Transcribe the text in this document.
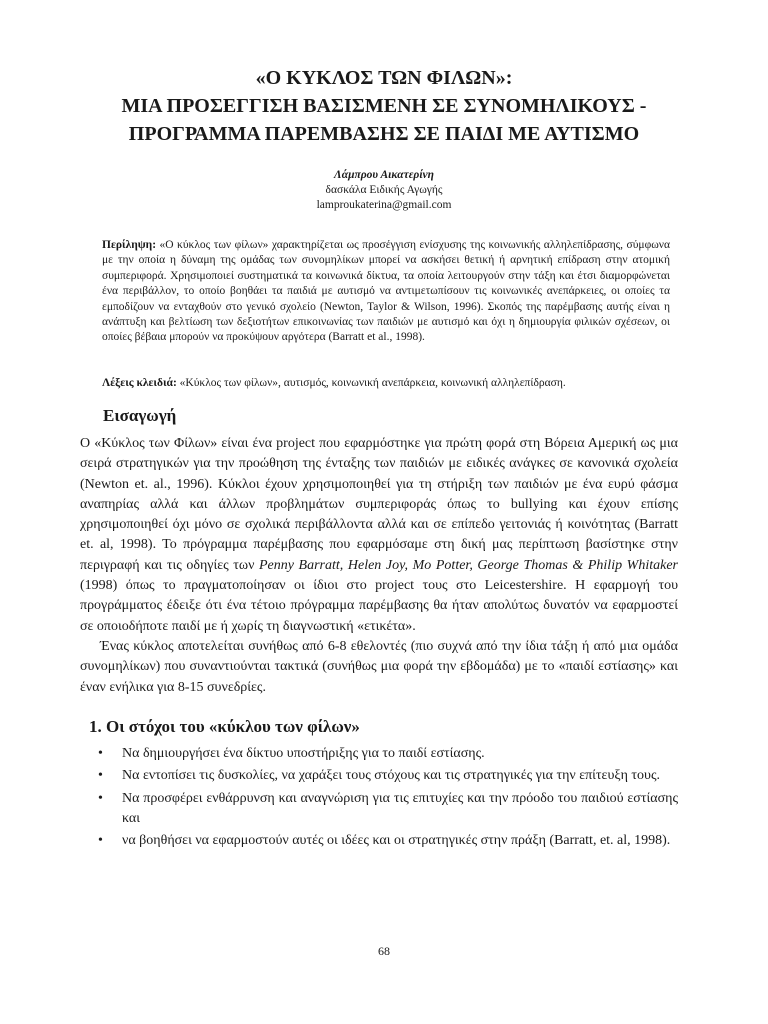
«Ο ΚΥΚΛΟΣ ΤΩΝ ΦΙΛΩΝ»:
ΜΙΑ ΠΡΟΣΕΓΓΙΣΗ ΒΑΣΙΣΜΕΝΗ ΣΕ ΣΥΝΟΜΗΛΙΚΟΥΣ -
ΠΡΟΓΡΑΜΜΑ ΠΑΡΕΜΒΑΣΗΣ ΣΕ ΠΑΙΔΙ ΜΕ ΑΥΤΙΣΜΟ
Λάμπρου Αικατερίνη
δασκάλα Ειδικής Αγωγής
lamproukaterina@gmail.com
Περίληψη: «Ο κύκλος των φίλων» χαρακτηρίζεται ως προσέγγιση ενίσχυσης της κοινωνικής αλληλεπίδρασης, σύμφωνα με την οποία η δύναμη της ομάδας των συνομηλίκων μπορεί να ασκήσει θετική ή αρνητική επίδραση στην ατομική συμπεριφορά. Χρησιμοποιεί συστηματικά τα κοινωνικά δίκτυα, τα οποία λειτουργούν στην τάξη και έτσι διαμορφώνεται ένα περιβάλλον, το οποίο βοηθάει τα παιδιά με αυτισμό να αντιμετωπίσουν τις κοινωνικές ανεπάρκειες, οι οποίες τα εμποδίζουν να ενταχθούν στο γενικό σχολείο (Newton, Taylor & Wilson, 1996). Σκοπός της παρέμβασης αυτής είναι η ανάπτυξη και βελτίωση των δεξιοτήτων επικοινωνίας των παιδιών με αυτισμό και όχι η δημιουργία φιλικών σχέσεων, οι οποίες βέβαια μπορούν να προκύψουν αργότερα (Barratt et al., 1998).
Λέξεις κλειδιά: «Κύκλος των φίλων», αυτισμός, κοινωνική ανεπάρκεια, κοινωνική αλληλεπίδραση.
Εισαγωγή

Ο «Κύκλος των Φίλων» είναι ένα project που εφαρμόστηκε για πρώτη φορά στη Βόρεια Αμερική ως μια σειρά στρατηγικών για την προώθηση της ένταξης των παιδιών με ειδικές ανάγκες σε κανονικά σχολεία (Newton et. al., 1996). Κύκλοι έχουν χρησιμοποιηθεί για τη στήριξη των παιδιών με ένα ευρύ φάσμα αναπηρίας αλλά και άλλων προβλημάτων συμπεριφοράς όπως το bullying και έχουν επίσης χρησιμοποιηθεί όχι μόνο σε σχολικά περιβάλλοντα αλλά και σε επίπεδο γειτονιάς ή κοινότητας (Barratt et. al, 1998). Το πρόγραμμα παρέμβασης που εφαρμόσαμε στη δική μας περίπτωση βασίστηκε στην περιγραφή και τις οδηγίες των Penny Barratt, Helen Joy, Mo Potter, George Thomas & Philip Whitaker (1998) όπως το πραγματοποίησαν οι ίδιοι στο project τους στο Leicestershire. Η εφαρμογή του προγράμματος έδειξε ότι ένα τέτοιο πρόγραμμα παρέμβασης θα ήταν απολύτως δυνατόν να εφαρμοστεί σε οποιοδήποτε παιδί με ή χωρίς τη διαγνωστική «ετικέτα».

Ένας κύκλος αποτελείται συνήθως από 6-8 εθελοντές (πιο συχνά από την ίδια τάξη ή από μια ομάδα συνομηλίκων) που συναντιούνται τακτικά (συνήθως μια φορά την εβδομάδα) με το «παιδί εστίασης» και έναν ενήλικα για 8-15 συνεδρίες.

1. Οι στόχοι του «κύκλου των φίλων»
• Να δημιουργήσει ένα δίκτυο υποστήριξης για το παιδί εστίασης.
• Να εντοπίσει τις δυσκολίες, να χαράξει τους στόχους και τις στρατηγικές για την επίτευξη τους.
• Να προσφέρει ενθάρρυνση και αναγνώριση για τις επιτυχίες και την πρόοδο του παιδιού εστίασης και
• να βοηθήσει να εφαρμοστούν αυτές οι ιδέες και οι στρατηγικές στην πράξη (Barratt, et. al, 1998).
68
